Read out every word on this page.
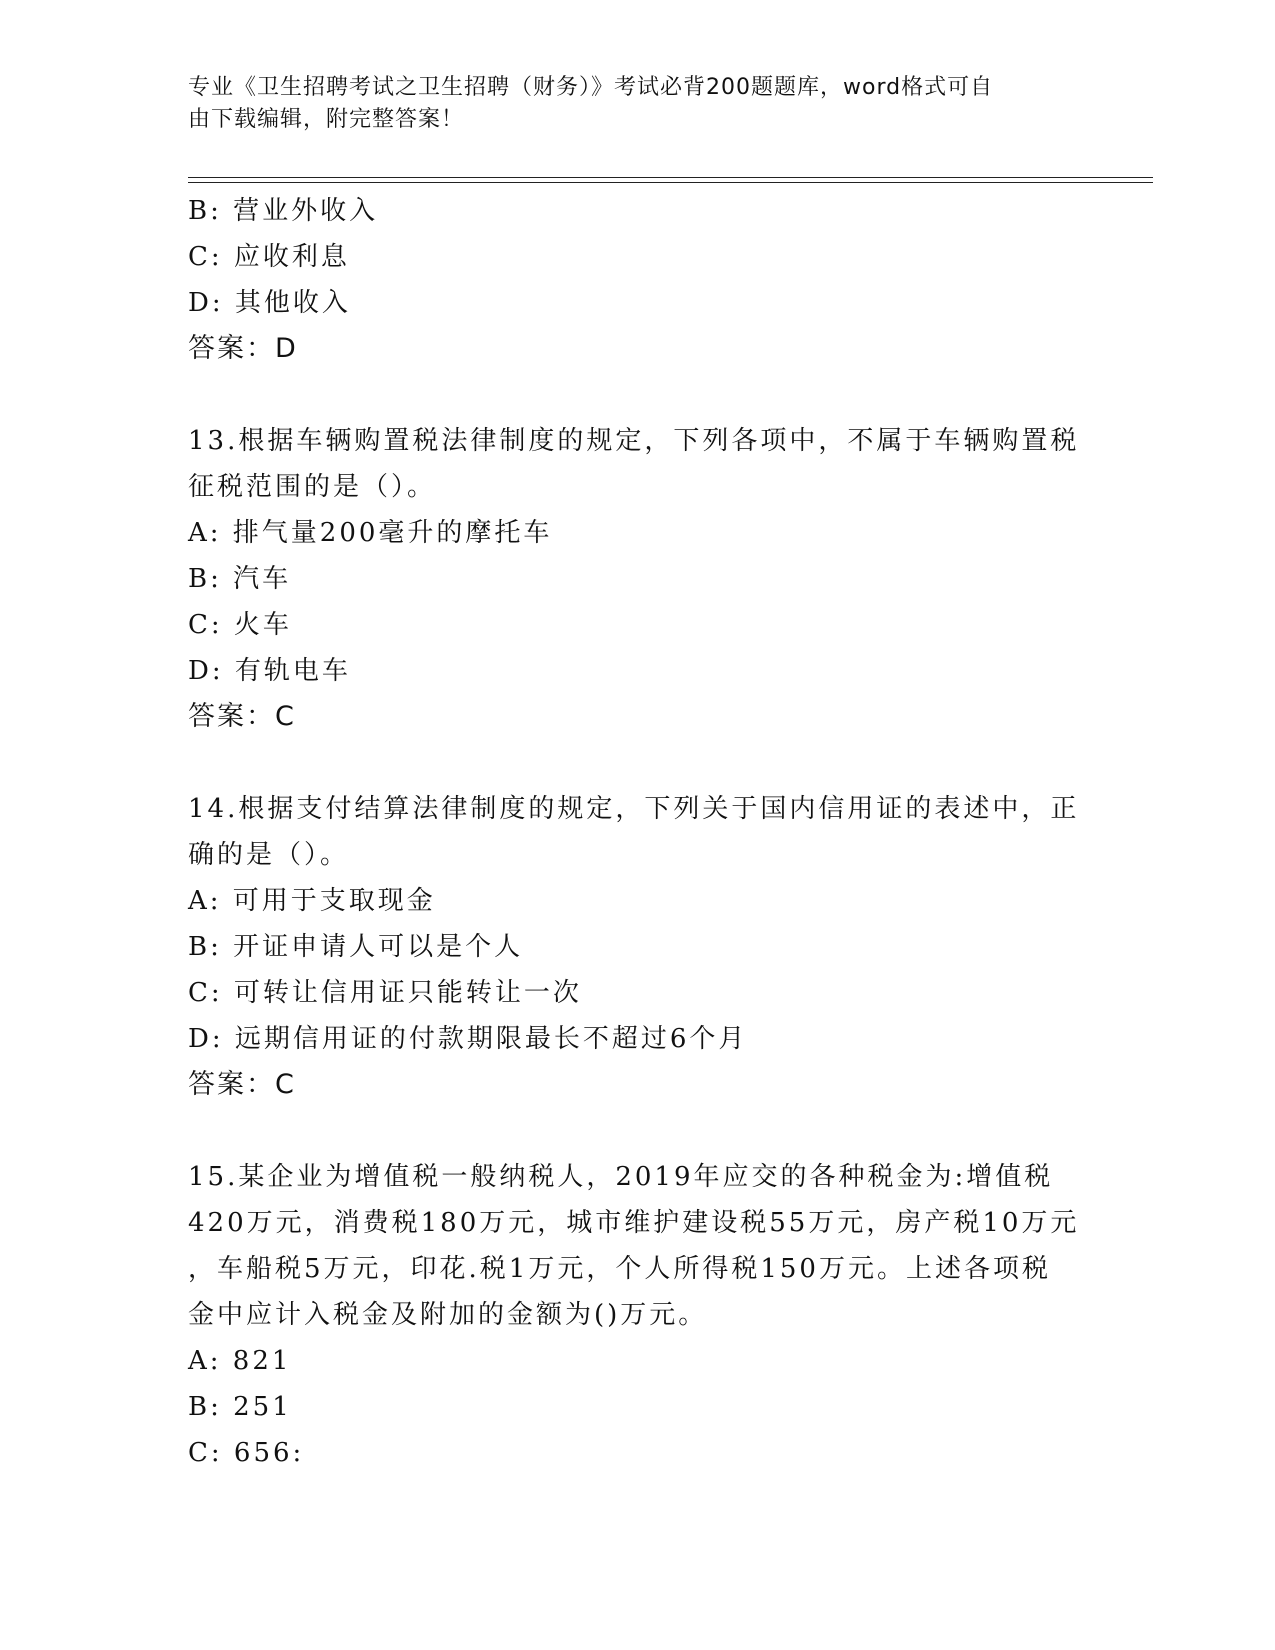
专业《卫生招聘考试之卫生招聘（财务）》考试必背200题题库，word格式可自
由下载编辑，附完整答案！
B: 营业外收入
C: 应收利息
D: 其他收入
答案：D
13.根据车辆购置税法律制度的规定，下列各项中，不属于车辆购置税
征税范围的是（）。
A: 排气量200毫升的摩托车
B: 汽车
C: 火车
D: 有轨电车
答案：C
14.根据支付结算法律制度的规定，下列关于国内信用证的表述中，正
确的是（）。
A: 可用于支取现金
B: 开证申请人可以是个人
C: 可转让信用证只能转让一次
D: 远期信用证的付款期限最长不超过6个月
答案：C
15.某企业为增值税一般纳税人，2019年应交的各种税金为:增值税
420万元，消费税180万元，城市维护建设税55万元，房产税10万元
，车船税5万元，印花.税1万元，个人所得税150万元。上述各项税
金中应计入税金及附加的金额为()万元。
A: 821
B: 251
C: 656:
